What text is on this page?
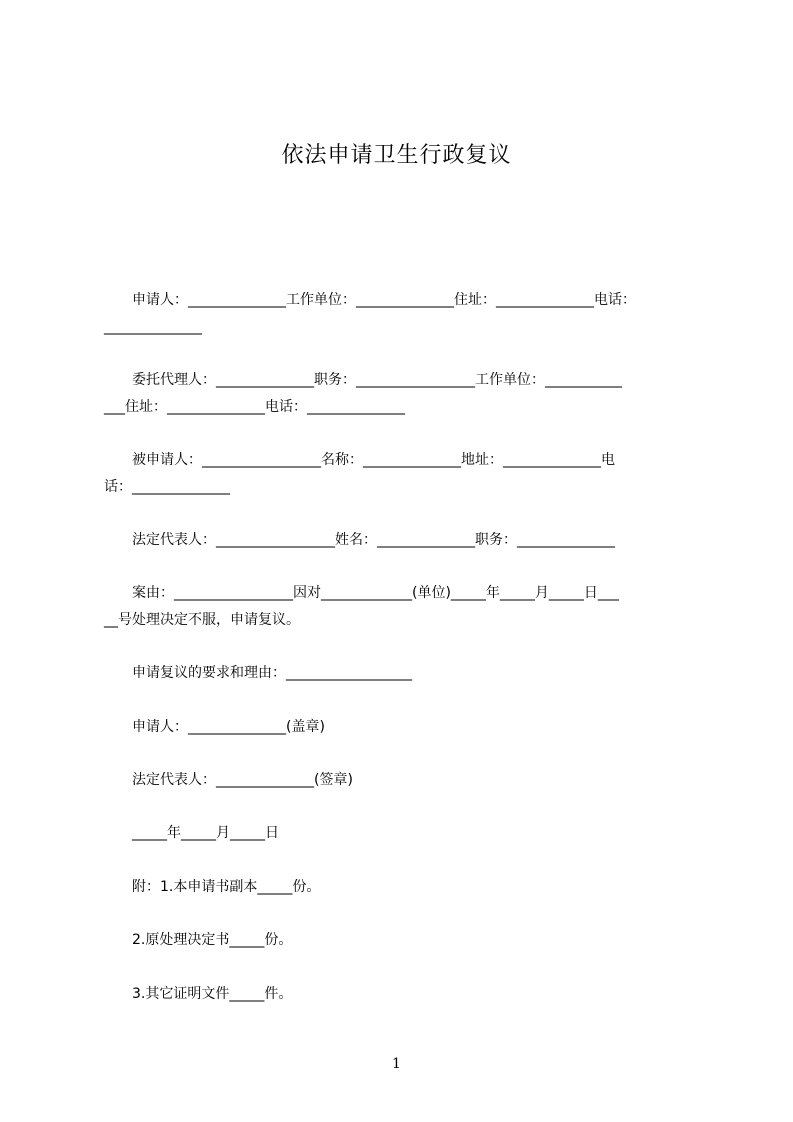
依法申请卫生行政复议
　　申请人：______________工作单位：______________住址：______________电话：
______________
　　委托代理人：______________职务：_________________工作单位：___________
___住址：______________电话：______________
　　被申请人：_________________名称：______________地址：______________电
话：______________
　　法定代表人：_________________姓名：______________职务：______________
　　案由：_________________因对_____________(单位)_____年_____月_____日___
__号处理决定不服，申请复议。
　　申请复议的要求和理由：__________________
　　申请人：______________(盖章)
　　法定代表人：______________(签章)
　　_____年_____月_____日
　　附：1.本申请书副本_____份。
　　2.原处理决定书_____份。
　　3.其它证明文件_____件。
1
